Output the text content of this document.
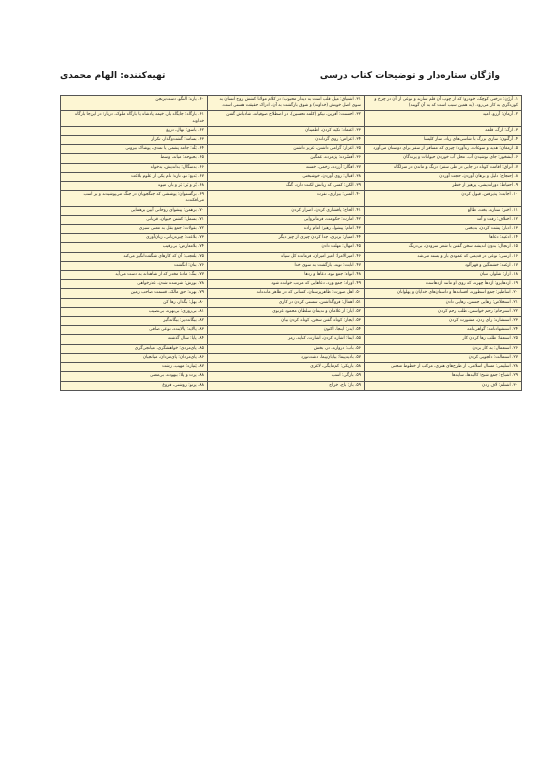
واژگان ستاره‌دار و توضیحات کتاب درسی
تهیه‌کننده: الهام محمدی
۱. اَرژَن: درختی کوچک، خودرو؛ که از چوب آن قلم سازند و نوعی از آن در چرخ و کوزه‌گری به کار می‌رود. (به همین سبب است که به آن گویند)	۳۱. اشتیاق: میل قلب است به دیدار محبوب؛ در کلام مولانا کشش روح انسان به سوی اصل خویش (خداوند) و شوق بازگشت به آن، ادراک حقیقت هستی است.	۶۰. یاره: النگو، دست‌برنجن

۲. اَزمان: آرزو، امید	۳۲. احسنت: آفرین، نیکو (کلمه تحسین)، در اصطلاح صوفیانه، شادباش گفتن	۶۱. بارگاه: جایگاه بار، خیمه پادشاه یا بارگاه ملوک، دربار؛ در این‌جا بارگاه خداوند

۳. ارگ: ارگ، قلعه	۳۳. اعتماد: تکیه کردن، اطمینان	۶۲. باسق: نهال، دریغ

۴. اَرگَنون: سازی بزرگ با شاسی‌های زیاد، ساز کلیسا	۳۴. اعراض: روی گرداندن	۶۳. بسامد: گشت‌وگذار، تکرار

۵. ارمغان: هدیه و سوغات، ره‌آورد؛ چیزی که مسافر از سفر برای دوستان می‌آورد	۳۵. اعزاز: گرامی داشتن، عزیز داشتن	۶۴. بَلَه: جامه پشمی یا نمدی، پوشاک بیرونی

۶. آبشخور: جای نوشیدن آب، محل آب خوردن حیوانات و پرندگان	۳۶. اُفسُرده: پژمرده، غمگین	۶۵. بحبوحه: میانه، وسط

۷. اُتراق: اقامت کوتاه در جایی در طی سفر؛ درنگ و ماندن در منزلگاه	۳۷. افگار: آزرده، زخمی، خسته	۶۶. بدسگال: بداندیش، بدخواه

۸. اِحتجاج: دلیل و برهان آوردن، حجت آوردن	۳۸. اقبال: روی آوردن، خوشبختی	۶۷. بَدیع: نو، تازه؛ نام یکی از علوم بلاغت

۹. احتیاط: دوراندیشی، پرهیز از خطر	۳۹. الکن: کسی که زبانش لکنت دارد، گنگ	۶۸. بُر و بَر: بَر و بار، میوه

۱۰. اجابت: پذیرفتن، قبول کردن	۴۰. المنی: بیزاری، نفرت	۶۹. برگستوان: پوششی که جنگجویان در جنگ می‌پوشیدند و بر اسب می‌افکندند

۱۱. اختر: ستاره، بخت، طالع	۴۱. الحاح: پافشاری کردن، اصرار کردن	۷۰. برهمن: پیشوای روحانی آیین برهمایی

۱۲. اختلاف: رفت و آمد	۴۲. امارت: حکومت، فرمانروایی	۷۱. بسمل: کشتن حیوان، قربانی

۱۳. ادبار: پشت کردن، بدبختی	۴۳. امام: پیشوا، رهبر؛ امام زاده	۷۲. بقولات: جمع بقل به معنی سبزی

۱۴. ادعیه: دعاها	۴۴. امتیاز: برتری، جدا کردن چیزی از چیز دیگر	۷۳. بلاعت: چیره‌زبانی، زبان‌آوری

۱۵. ارتجال: بدون اندیشه سخن گفتن با شعر سرودن، بی‌درنگ	۴۵. امهال: مهلت دادن	۷۴. بلامعارض: بی‌رقیب

۱۶. ارسی: نوعی در قدیمی که عمودی باز و بسته می‌شد	۴۶. امیرالامرا: امیر امیران، فرمانده کل سپاه	۷۵. بلعجب: آن که کارهای شگفت‌انگیز می‌کند

۱۷. ارغند: خشمگین و قهرآلود	۴۷. انابت: توبه، بازگشت به سوی خدا	۷۶. بنان: انگشت

۱۸. ازار: شلوار، تنبان	۴۸. انواء: جمع نوء، دعاها و ردها	۷۷. بنگ: مادهٔ مخدر که از شاهدانه به دست می‌آید

۱۹. ازدهایرو: اژدها چهره، که روی او مانند اژدهاست	۴۹. اوراد: جمع ورد، دعاهایی که مرتب خوانده شود	۷۸. بوزش: شرمنده شدن، عذرخواهی

۲۰. اساطیر: جمع اسطوره، افسانه‌ها و داستان‌های خدایان و پهلوانان	۵۰. اهل صورت: ظاهرپرستان، کسانی که در ظاهر مانده‌اند	۷۹. بهره: حق مالک، قسمت صاحب زمین

۲۱. استخلاص: رهایی جستن، رهایی دادن	۵۱. اهمال: فروگذاشتن، سستی کردن در کاری	۸۰. بهل: بگذار، رها کن

۲۲. استرحام: رحم خواستن، طلب رحم کردن	۵۲. ایاز: از غلامان و ندیمان سلطان محمود غزنوی	۸۱. بی‌روزی: بی‌بهره، بی‌نصیب

۲۳. استشاره: رای زدن، مشورت کردن	۵۳. ایجاز: کوتاه گفتن سخن، کوتاه کردن بیان	۸۲. بیگانه‌دیر: بیگانه‌گیر

۲۴. استشهادنامه: گواهی‌نامه	۵۴. ایدر: اینجا، اکنون	۸۳. پالایه: پالاینده، نوعی صافی

۲۵. استعفا: طلب رها کردن کار	۵۵. ایما: اشاره کردن، اشارت، کنایه، رمز	۸۴. پایا: سال گذشته

۲۶. استعمال: به کار بردن	۵۶. باب: دروازه، در، بخش	۸۵. پای‌مردی: خواهشگری، میانجی‌گری

۲۷. استمالت: دلجویی کردن	۵۷. بادیه‌پیما: بیابان‌پیما، دشت‌نورد	۸۶. پای‌مردان: پای‌مردان، میانجیان

۲۸. اسلیمی: مسال اسلامی، از طرح‌های هنری، مرکب از خطوط منحنی	۵۸. باریکی: کم‌مایگی، لاغری	۸۷. پَتیاره: مهیب، زشت

۲۹. اشباح: جمع شبح؛ کالبدها، سایه‌ها	۵۹. بارگی: اسب	۸۸. پرت و پلا: بیهوده، بی‌معنی

۳۰. اشتلم: لاف زدن	۵۹. باژ: باج، خراج	۸۸. پرتو: روشنی، فروغ
